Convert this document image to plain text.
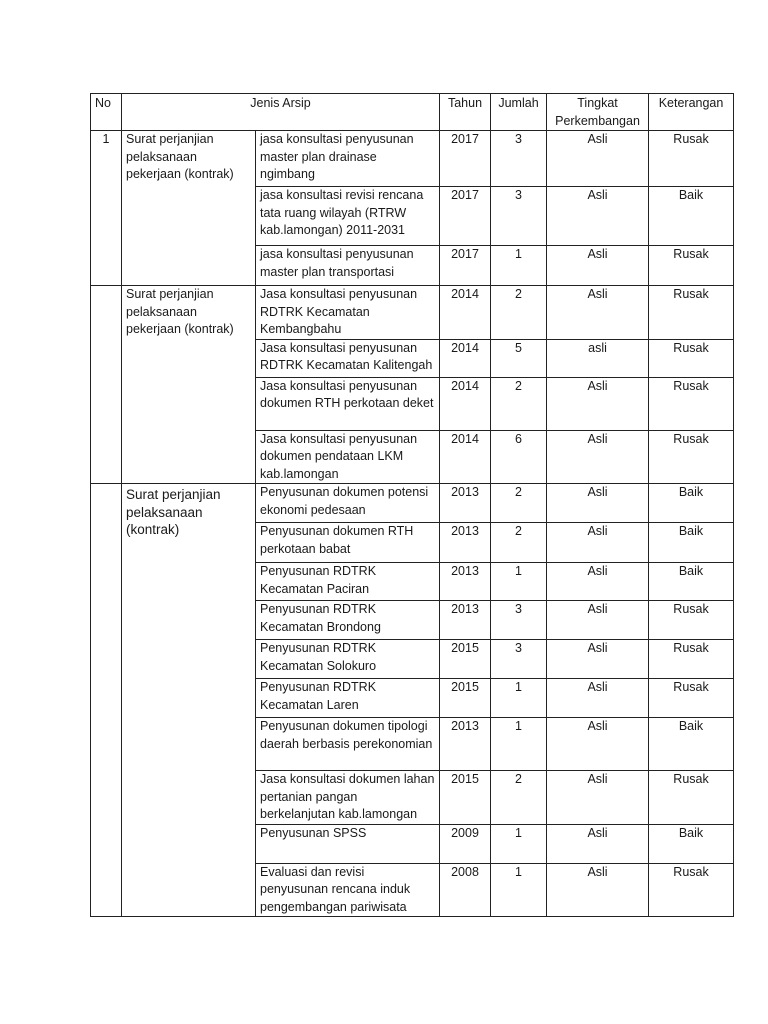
No	Jenis Arsip		Tahun	Jumlah	Tingkat Perkembangan	Keterangan
1	Surat perjanjian pelaksanaan pekerjaan (kontrak)	jasa konsultasi penyusunan master plan drainase ngimbang	2017	3	Asli	Rusak
		jasa konsultasi revisi rencana tata ruang wilayah (RTRW kab.lamongan) 2011-2031	2017	3	Asli	Baik
		jasa konsultasi penyusunan master plan transportasi	2017	1	Asli	Rusak
	Surat perjanjian pelaksanaan pekerjaan (kontrak)	Jasa konsultasi penyusunan RDTRK Kecamatan Kembangbahu	2014	2	Asli	Rusak
		Jasa konsultasi penyusunan RDTRK Kecamatan Kalitengah	2014	5	asli	Rusak
		Jasa konsultasi penyusunan dokumen RTH perkotaan deket	2014	2	Asli	Rusak
		Jasa konsultasi penyusunan dokumen pendataan LKM kab.lamongan	2014	6	Asli	Rusak
	Surat perjanjian pelaksanaan (kontrak)	Penyusunan dokumen potensi ekonomi pedesaan	2013	2	Asli	Baik
		Penyusunan dokumen RTH perkotaan babat	2013	2	Asli	Baik
		Penyusunan RDTRK Kecamatan Paciran	2013	1	Asli	Baik
		Penyusunan RDTRK Kecamatan Brondong	2013	3	Asli	Rusak
		Penyusunan RDTRK Kecamatan Solokuro	2015	3	Asli	Rusak
		Penyusunan RDTRK Kecamatan Laren	2015	1	Asli	Rusak
		Penyusunan dokumen tipologi daerah berbasis perekonomian	2013	1	Asli	Baik
		Jasa konsultasi dokumen lahan pertanian pangan berkelanjutan kab.lamongan	2015	2	Asli	Rusak
		Penyusunan SPSS	2009	1	Asli	Baik
		Evaluasi dan revisi penyusunan rencana induk pengembangan pariwisata	2008	1	Asli	Rusak
